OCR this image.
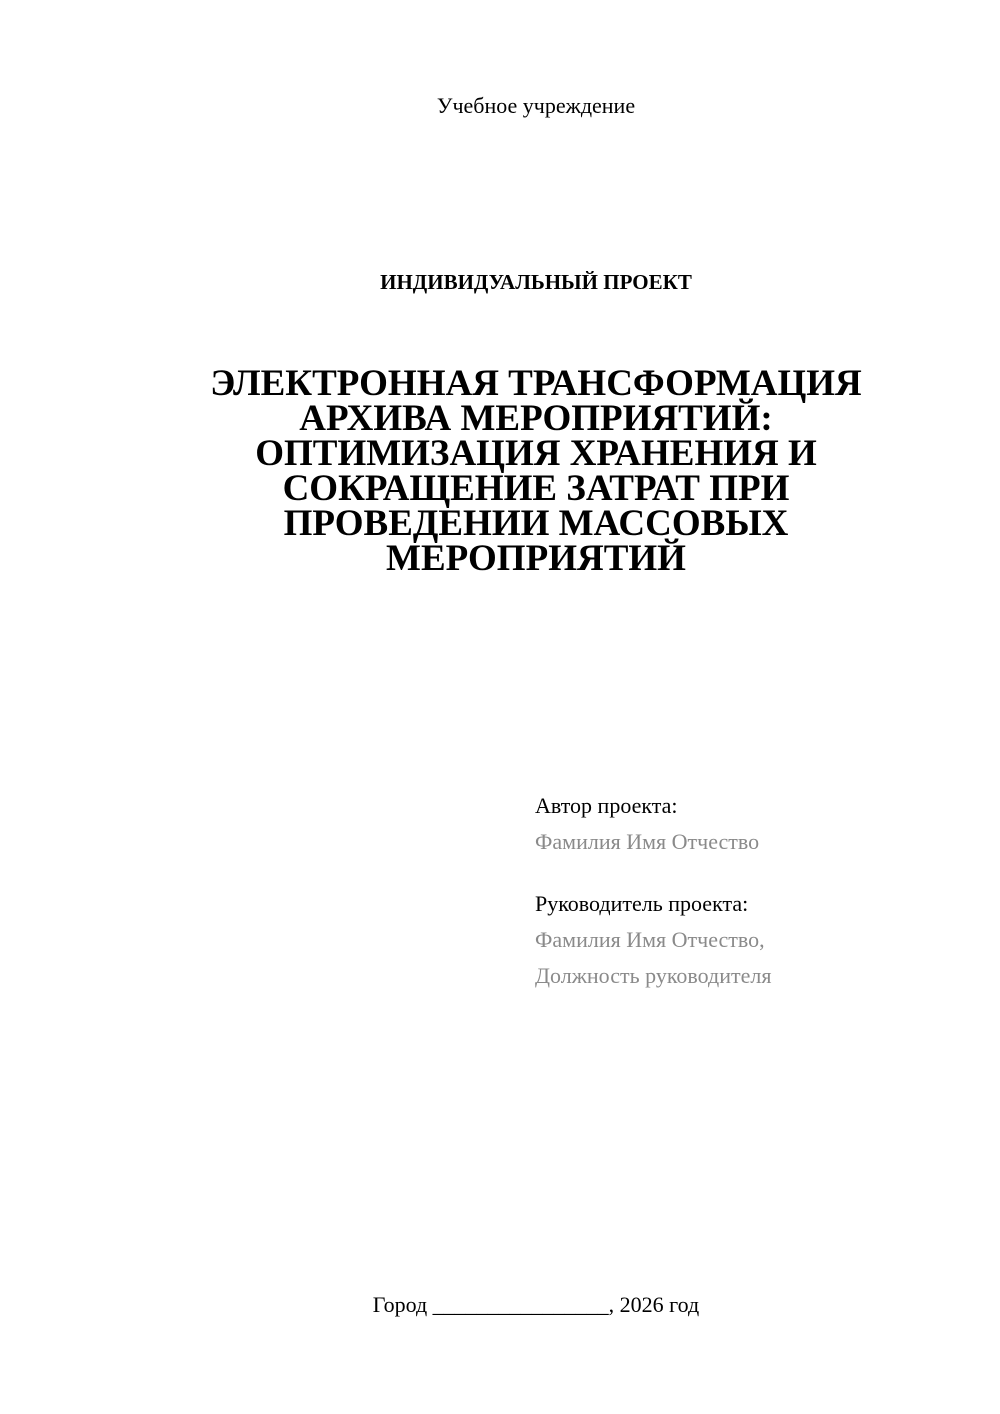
Учебное учреждение
ИНДИВИДУАЛЬНЫЙ ПРОЕКТ
ЭЛЕКТРОННАЯ ТРАНСФОРМАЦИЯ
АРХИВА МЕРОПРИЯТИЙ:
ОПТИМИЗАЦИЯ ХРАНЕНИЯ И
СОКРАЩЕНИЕ ЗАТРАТ ПРИ
ПРОВЕДЕНИИ МАССОВЫХ
МЕРОПРИЯТИЙ
Автор проекта:
Фамилия Имя Отчество
Руководитель проекта:
Фамилия Имя Отчество,
Должность руководителя
Город ________________, 2026 год
